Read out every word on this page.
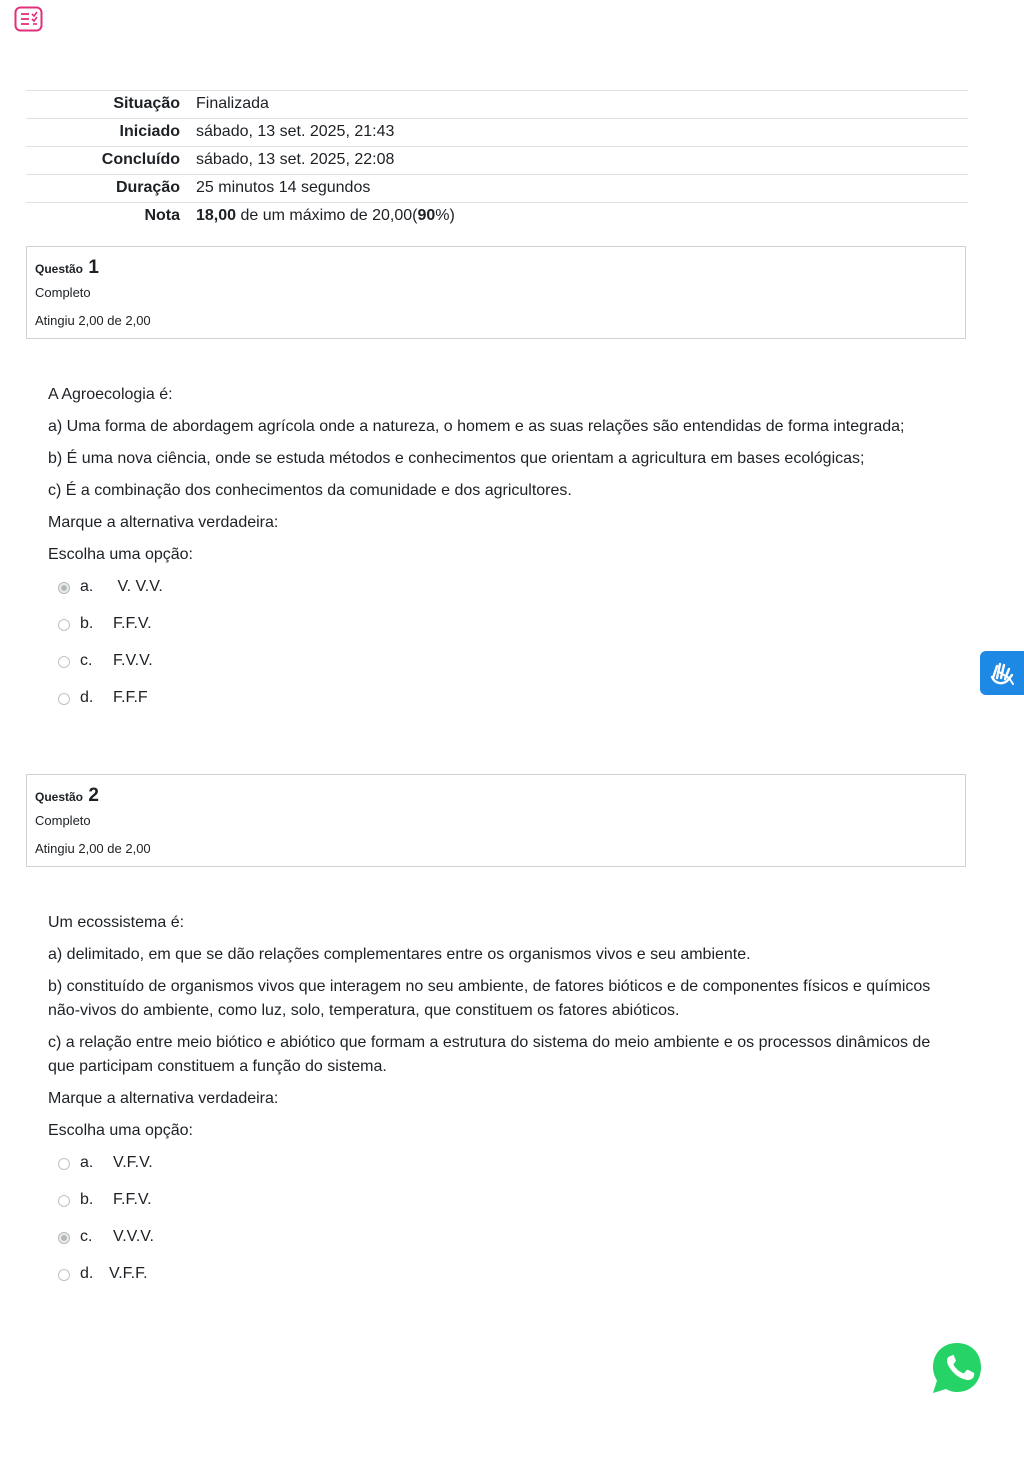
Situação	Finalizada
Iniciado	sábado, 13 set. 2025, 21:43
Concluído	sábado, 13 set. 2025, 22:08
Duração	25 minutos 14 segundos
Nota	18,00 de um máximo de 20,00(90%)
Questão 1
Completo
Atingiu 2,00 de 2,00

A Agroecologia é:

a) Uma forma de abordagem agrícola onde a natureza, o homem e as suas relações são entendidas de forma integrada;

b) É uma nova ciência, onde se estuda métodos e conhecimentos que orientam a agricultura em bases ecológicas;

c) É a combinação dos conhecimentos da comunidade e dos agricultores.

Marque a alternativa verdadeira:

Escolha uma opção:

a.	V. V.V.
b.	F.F.V.
c.	F.V.V.
d.	F.F.F
Questão 2
Completo
Atingiu 2,00 de 2,00

Um ecossistema é:

a) delimitado, em que se dão relações complementares entre os organismos vivos e seu ambiente.

b) constituído de organismos vivos que interagem no seu ambiente, de fatores bióticos e de componentes físicos e químicos não-vivos do ambiente, como luz, solo, temperatura, que constituem os fatores abióticos.

c) a relação entre meio biótico e abiótico que formam a estrutura do sistema do meio ambiente e os processos dinâmicos de que participam constituem a função do sistema.

Marque a alternativa verdadeira:

Escolha uma opção:

a.	V.F.V.
b.	F.F.V.
c.	V.V.V.
d. V.F.F.
